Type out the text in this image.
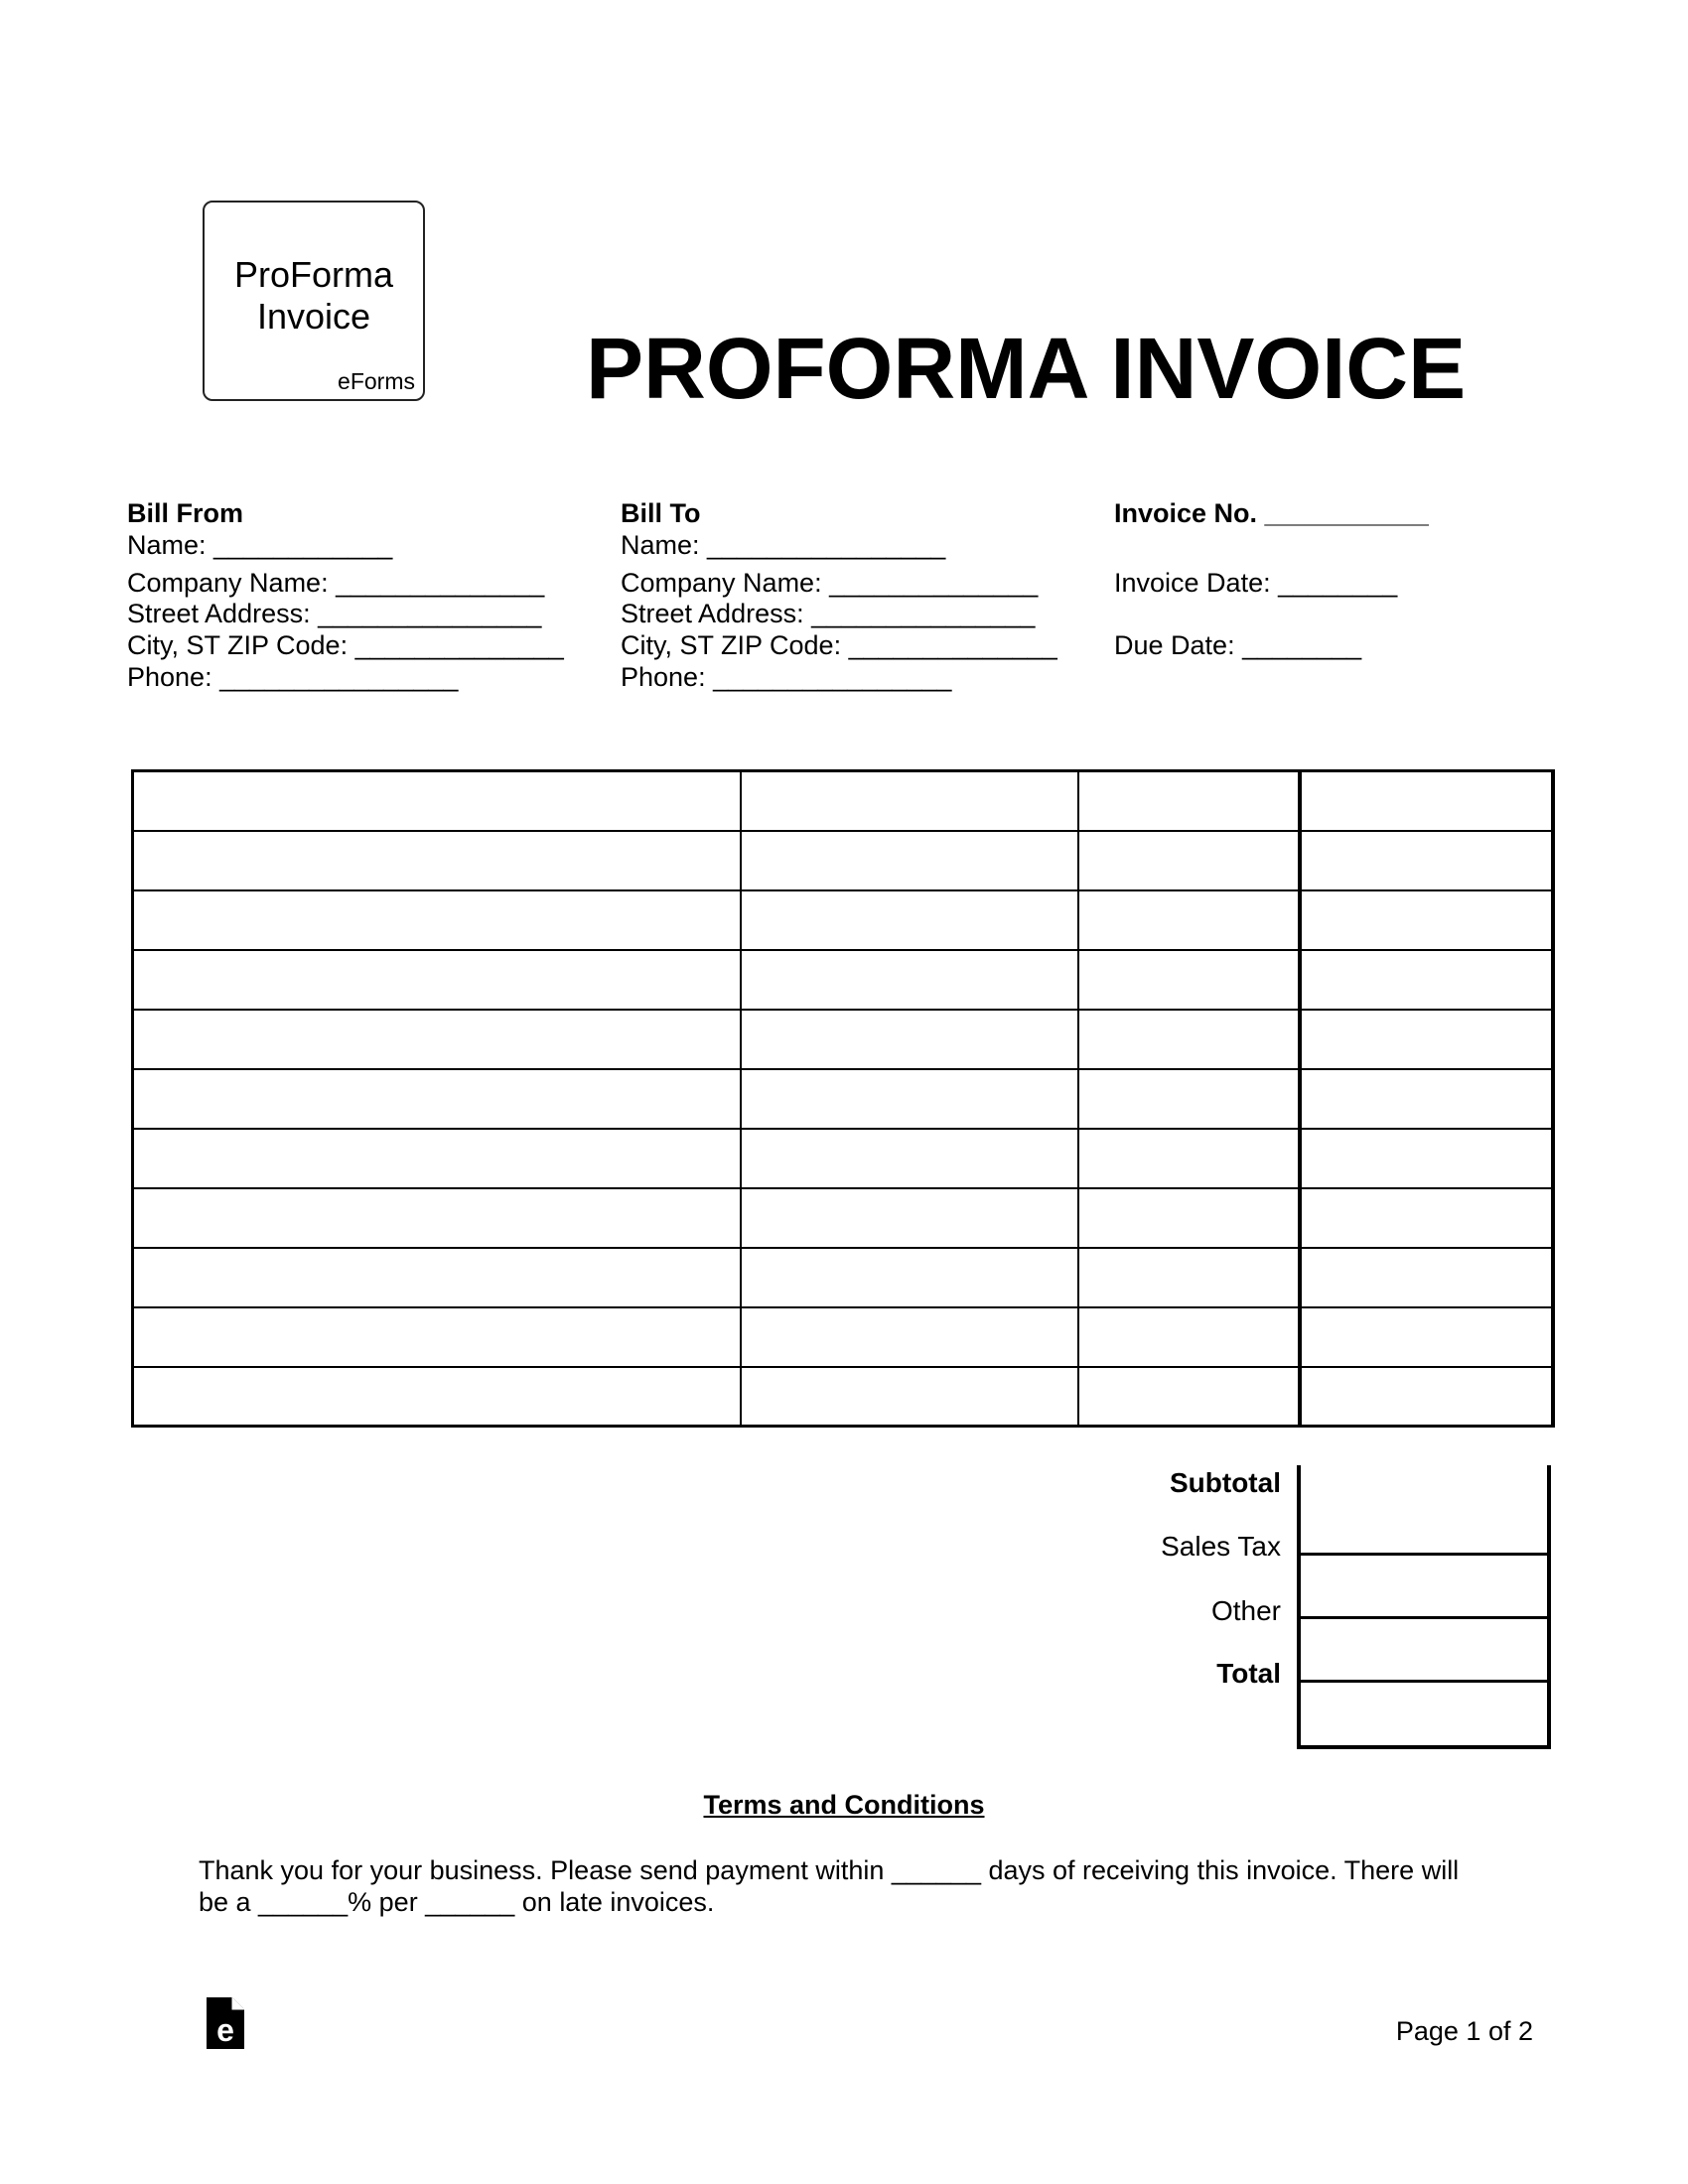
ProForma
Invoice
eForms PROFORMA INVOICE
Bill From
Name: ____________
Company Name: ______________
Street Address: _______________
City, ST ZIP Code: ______________
Phone: ________________
Bill To
Name: ________________
Company Name: ______________
Street Address: _______________
City, ST ZIP Code: ______________
Phone: ________________
Invoice No. ___________
Invoice Date: ________
Due Date: ________

Subtotal
Sales Tax
Other
Total
Terms and Conditions
Thank you for your business. Please send payment within ______ days of receiving this invoice. There will be a ______% per ______ on late invoices.
e	Page 1 of 2
